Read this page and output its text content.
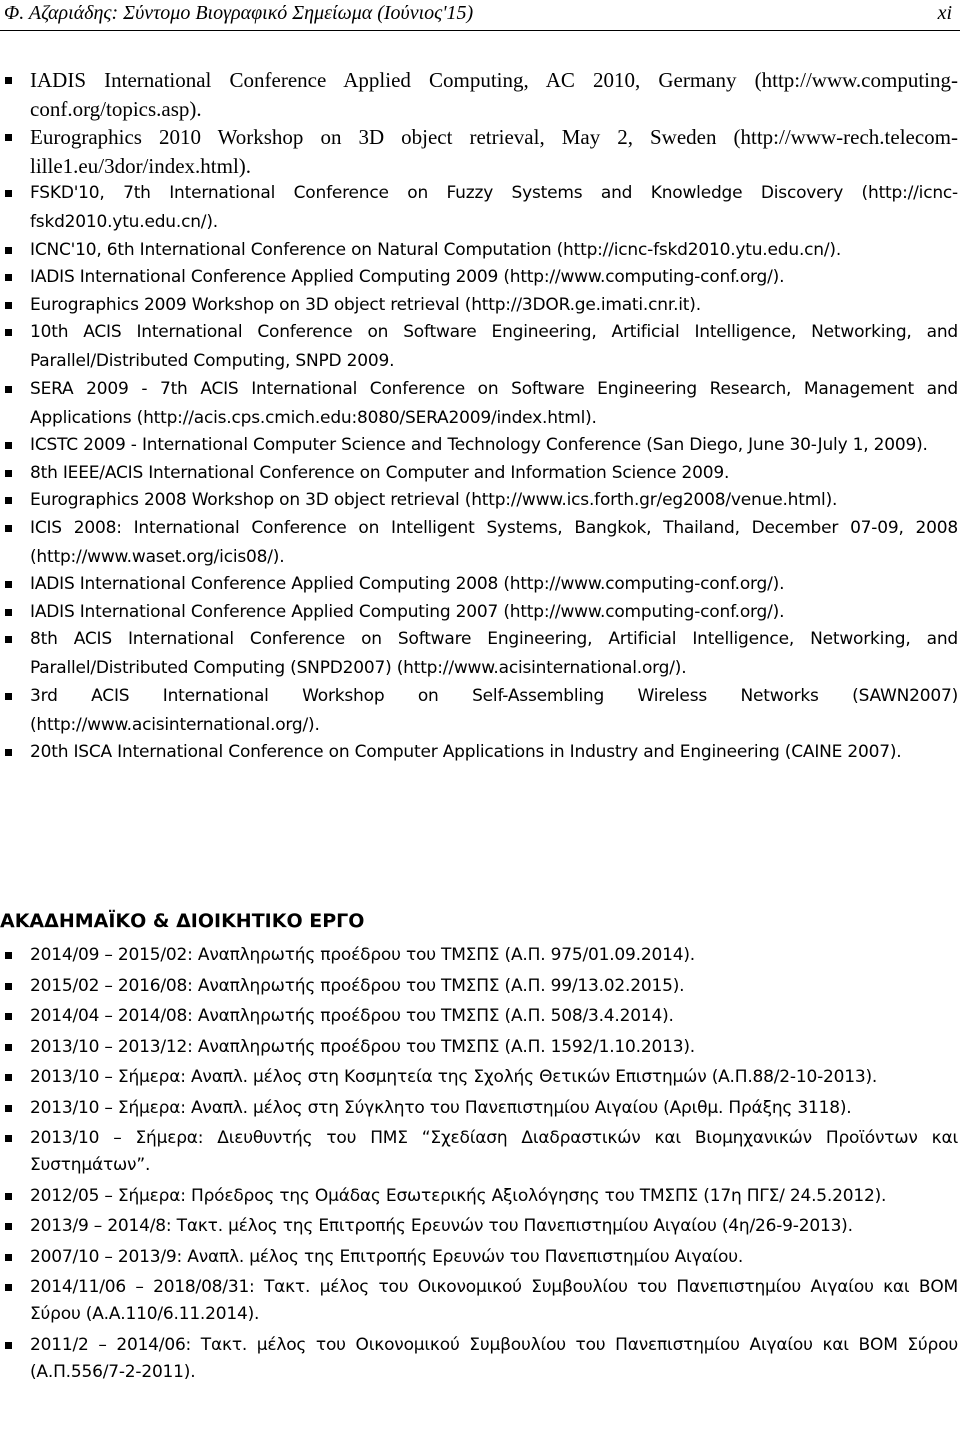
Φ. Αζαριάδης: Σύντομο Βιογραφικό Σημείωμα (Ιούνιος'15)	xi
IADIS International Conference Applied Computing, AC 2010, Germany (http://www.computing-conf.org/topics.asp).
Eurographics 2010 Workshop on 3D object retrieval, May 2, Sweden (http://www-rech.telecom-lille1.eu/3dor/index.html).
FSKD'10, 7th International Conference on Fuzzy Systems and Knowledge Discovery (http://icnc-fskd2010.ytu.edu.cn/).
ICNC'10, 6th International Conference on Natural Computation (http://icnc-fskd2010.ytu.edu.cn/).
IADIS International Conference Applied Computing 2009 (http://www.computing-conf.org/).
Eurographics 2009 Workshop on 3D object retrieval (http://3DOR.ge.imati.cnr.it).
10th ACIS International Conference on Software Engineering, Artificial Intelligence, Networking, and Parallel/Distributed Computing, SNPD 2009.
SERA 2009 - 7th ACIS International Conference on Software Engineering Research, Management and Applications (http://acis.cps.cmich.edu:8080/SERA2009/index.html).
ICSTC 2009 - International Computer Science and Technology Conference (San Diego, June 30-July 1, 2009).
8th IEEE/ACIS International Conference on Computer and Information Science 2009.
Eurographics 2008 Workshop on 3D object retrieval (http://www.ics.forth.gr/eg2008/venue.html).
ICIS 2008: International Conference on Intelligent Systems, Bangkok, Thailand, December 07-09, 2008 (http://www.waset.org/icis08/).
IADIS International Conference Applied Computing 2008 (http://www.computing-conf.org/).
IADIS International Conference Applied Computing 2007 (http://www.computing-conf.org/).
8th ACIS International Conference on Software Engineering, Artificial Intelligence, Networking, and Parallel/Distributed Computing (SNPD2007) (http://www.acisinternational.org/).
3rd ACIS International Workshop on Self-Assembling Wireless Networks (SAWN2007) (http://www.acisinternational.org/).
20th ISCA International Conference on Computer Applications in Industry and Engineering (CAINE 2007).
ΑΚΑΔΗΜΑΪΚΟ & ΔΙΟΙΚΗΤΙΚΟ ΕΡΓΟ
2014/09 – 2015/02: Αναπληρωτής προέδρου του ΤΜΣΠΣ (Α.Π. 975/01.09.2014).
2015/02 – 2016/08: Αναπληρωτής προέδρου του ΤΜΣΠΣ (Α.Π. 99/13.02.2015).
2014/04 – 2014/08: Αναπληρωτής προέδρου του ΤΜΣΠΣ (Α.Π. 508/3.4.2014).
2013/10 – 2013/12: Αναπληρωτής προέδρου του ΤΜΣΠΣ (Α.Π. 1592/1.10.2013).
2013/10 – Σήμερα: Αναπλ. μέλος στη Κοσμητεία της Σχολής Θετικών Επιστημών (Α.Π.88/2-10-2013).
2013/10 – Σήμερα: Αναπλ. μέλος στη Σύγκλητο του Πανεπιστημίου Αιγαίου (Αριθμ. Πράξης 3118).
2013/10 – Σήμερα: Διευθυντής του ΠΜΣ “Σχεδίαση Διαδραστικών και Βιομηχανικών Προϊόντων και Συστημάτων”.
2012/05 – Σήμερα: Πρόεδρος της Ομάδας Εσωτερικής Αξιολόγησης του ΤΜΣΠΣ (17η ΠΓΣ/ 24.5.2012).
2013/9 – 2014/8: Τακτ. μέλος της Επιτροπής Ερευνών του Πανεπιστημίου Αιγαίου (4η/26-9-2013).
2007/10 – 2013/9: Αναπλ. μέλος της Επιτροπής Ερευνών του Πανεπιστημίου Αιγαίου.
2014/11/06 – 2018/08/31: Τακτ. μέλος του Οικονομικού Συμβουλίου του Πανεπιστημίου Αιγαίου και ΒΟΜ Σύρου (Α.Α.110/6.11.2014).
2011/2 – 2014/06: Τακτ. μέλος του Οικονομικού Συμβουλίου του Πανεπιστημίου Αιγαίου και ΒΟΜ Σύρου (Α.Π.556/7-2-2011).
